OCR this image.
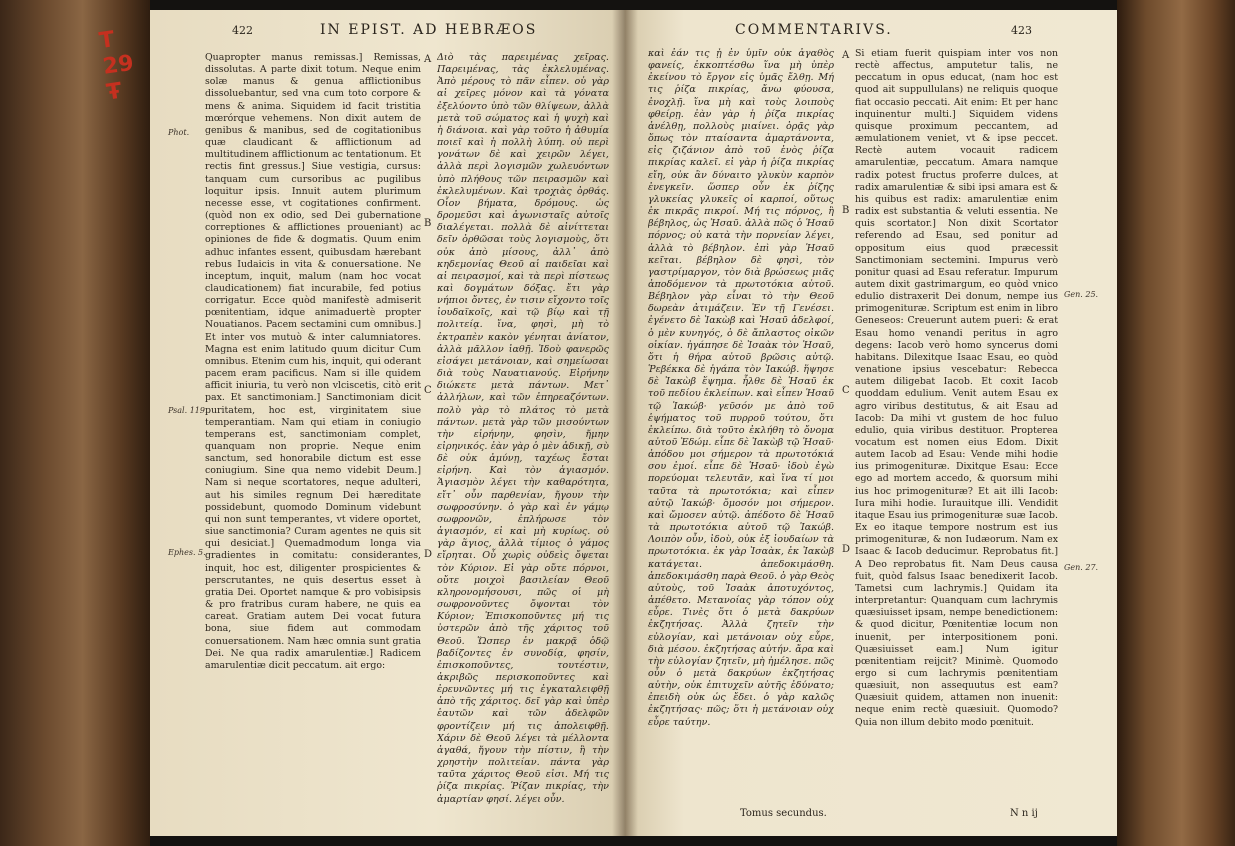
T
29
Ŧ
422	IN EPIST. AD HEBRÆOS

Quapropter manus remissas.] Remissas, dissolutas. A parte dixit totum. Neque enim solæ manus & genua afflictionibus dissoluebantur, sed vna cum toto corpore & mens & anima. Siquidem id facit tristitia mœrórque vehemens. Non dixit autem de genibus & manibus, sed de cogitationibus quæ claudicant & afflictionum ad multitudinem afflictionum ac tentationum. Et rectis fint gressus.] Siue vestigia, cursus: tanquam cum cursoribus ac pugilibus loquitur ipsis. Innuit autem plurimum necesse esse, vt cogitationes confirment. (quòd non ex odio, sed Dei gubernatione correptiones & afflictiones proueniant) ac opiniones de fide & dogmatis. Quum enim adhuc infantes essent, quibusdam hærebant rebus Iudaicis in vita & conuersatione. Ne inceptum, inquit, malum (nam hoc vocat claudicationem) fiat incurabile, fed potius corrigatur. Ecce quòd manifestè admiserit pœnitentiam, idque animaduertè propter Nouatianos. Pacem sectamini cum omnibus.] Et inter vos mutuò & inter calumniatores. Magna est enim latitudo quum dicitur Cum omnibus. Etenim cum his, inquit, qui oderant pacem eram pacificus. Nam si ille quidem afficit iniuria, tu verò non vlciscetis, citò erit pax. Et sanctimoniam.] Sanctimoniam dicit puritatem, hoc est, virginitatem siue temperantiam. Nam qui etiam in coniugio temperans est, sanctimoniam complet, quanquam non proprie. Neque enim sanctum, sed honorabile dictum est esse coniugium. Sine qua nemo videbit Deum.] Nam si neque scortatores, neque adulteri, aut his similes regnum Dei hæreditate possidebunt, quomodo Dominum videbunt qui non sunt temperantes, vt videre oportet, siue sanctimonia? Curam agentes ne quis sit qui desiciat.] Quemadmodum longa via gradientes in comitatu: considerantes, inquit, hoc est, diligenter prospicientes & perscrutantes, ne quis desertus esset à gratia Dei. Oportet namque & pro vobisipsis & pro fratribus curam habere, ne quis ea careat. Gratiam autem Dei vocat futura bona, siue fidem aut commodam conuersationem. Nam hæc omnia sunt gratia Dei. Ne qua radix amarulentiæ.] Radicem amarulentiæ dicit peccatum. ait ergo:

Διὸ τὰς παρειμένας χεῖρας. Παρειμένας, τὰς ἐκλελυμένας. Ἀπὸ μέρους τὸ πᾶν εἶπεν. οὐ γὰρ αἱ χεῖρες μόνον καὶ τὰ γόνατα ἐξελύοντο ὑπὸ τῶν θλίψεων, ἀλλὰ μετὰ τοῦ σώματος καὶ ἡ ψυχὴ καὶ ἡ διάνοια. καὶ γὰρ τοῦτο ἡ ἀθυμία ποιεῖ καὶ ἡ πολλὴ λύπη. οὐ περὶ γονάτων δὲ καὶ χειρῶν λέγει, ἀλλὰ περὶ λογισμῶν χωλευόντων ὑπὸ πλήθους τῶν πειρασμῶν καὶ ἐκλελυμένων. Καὶ τροχιὰς ὀρθάς. Οἷον βήματα, δρόμους. ὡς δρομεῦσι καὶ ἀγωνισταῖς αὐτοῖς διαλέγεται. πολλὰ δὲ αἰνίττεται δεῖν ὀρθῶσαι τοὺς λογισμοὺς, ὅτι οὐκ ἀπὸ μίσους, ἀλλ᾽ ἀπὸ κηδεμονίας Θεοῦ αἱ παιδεῖαι καὶ αἱ πειρασμοί, καὶ τὰ περὶ πίστεως καὶ δογμάτων δόξας. ἔτι γὰρ νήπιοι ὄντες, ἐν τισιν εἴχοντο τοῖς ἰουδαϊκοῖς, καὶ τῷ βίῳ καὶ τῇ πολιτείᾳ. ἵνα, φησὶ, μὴ τὸ ἐκτραπὲν κακὸν γένηται ἀνίατον, ἀλλὰ μᾶλλον ἰαθῇ. Ἰδοὺ φανερῶς εἰσάγει μετάνοιαν, καὶ σημείωσαι διὰ τοὺς Ναυατιανούς. Εἰρήνην διώκετε μετὰ πάντων. Μετ᾽ ἀλλήλων, καὶ τῶν ἐπηρεαζόντων. πολὺ γὰρ τὸ πλάτος τὸ μετὰ πάντων. μετὰ γὰρ τῶν μισούντων τὴν εἰρήνην, φησὶν, ἤμην εἰρηνικός. ἐὰν γὰρ ὁ μὲν ἀδικῇ, σὺ δὲ οὐκ ἀμύνῃ, ταχέως ἔσται εἰρήνη. Καὶ τὸν ἁγιασμόν. Ἁγιασμὸν λέγει τὴν καθαρότητα, εἴτ᾽ οὖν παρθενίαν, ἤγουν τὴν σωφροσύνην. ὁ γὰρ καὶ ἐν γάμῳ σωφρονῶν, ἐπλήρωσε τὸν ἁγιασμόν, εἰ καὶ μὴ κυρίως. οὐ γὰρ ἅγιος, ἀλλὰ τίμιος ὁ γάμος εἴρηται. Οὗ χωρὶς οὐδεὶς ὄψεται τὸν Κύριον. Εἰ γὰρ οὔτε πόρνοι, οὔτε μοιχοὶ βασιλείαν Θεοῦ κληρονομήσουσι, πῶς οἱ μὴ σωφρονοῦντες ὄψονται τὸν Κύριον; Ἐπισκοποῦντες μή τις ὑστερῶν ἀπὸ τῆς χάριτος τοῦ Θεοῦ. Ὥσπερ ἐν μακρᾷ ὁδῷ βαδίζοντες ἐν συνοδίᾳ, φησίν, ἐπισκοποῦντες, τουτέστιν, ἀκριβῶς περισκοποῦντες καὶ ἐρευνῶντες μή τις ἐγκαταλειφθῇ ἀπὸ τῆς χάριτος. δεῖ γὰρ καὶ ὑπὲρ ἑαυτῶν καὶ τῶν ἀδελφῶν φροντίζειν μή τις ἀπολειφθῇ. Χάριν δὲ Θεοῦ λέγει τὰ μέλλοντα ἀγαθά, ἤγουν τὴν πίστιν, ἢ τὴν χρηστὴν πολιτείαν. πάντα γὰρ ταῦτα χάριτος Θεοῦ εἰσι. Μή τις ῥίζα πικρίας. Ῥίζαν πικρίας, τὴν ἁμαρτίαν φησί. λέγει οὖν.

Phot.
Psal. 119.
Ephes. 5.
A
B
C
D
COMMENTARIVS.	423

καὶ ἐάν τις ᾖ ἐν ὑμῖν οὐκ ἀγαθὸς φανείς, ἐκκοπτέσθω ἵνα μὴ ὑπὲρ ἐκείνου τὸ ἔργον εἰς ὑμᾶς ἔλθῃ. Μή τις ῥίζα πικρίας, ἄνω φύουσα, ἐνοχλῇ. ἵνα μὴ καὶ τοὺς λοιποὺς φθείρῃ. ἐὰν γὰρ ἡ ῥίζα πικρίας ἀνέλθῃ, πολλοὺς μιαίνει. ὁρᾷς γὰρ ὅπως τὸν πταίσαντα ἁμαρτάνοντα, εἰς ζιζάνιον ἀπὸ τοῦ ἑνὸς ῥίζα πικρίας καλεῖ. εἰ γὰρ ἡ ῥίζα πικρίας εἴη, οὐκ ἂν δύναιτο γλυκὺν καρπὸν ἐνεγκεῖν. ὥσπερ οὖν ἐκ ῥίζης γλυκείας γλυκεῖς οἱ καρποί, οὕτως ἐκ πικρᾶς πικροί. Μή τις πόρνος, ἢ βέβηλος, ὡς Ἡσαῦ. ἀλλὰ πῶς ὁ Ἡσαῦ πόρνος; οὐ κατὰ τὴν πορνείαν λέγει, ἀλλὰ τὸ βέβηλον. ἐπὶ γὰρ Ἡσαῦ κεῖται. βέβηλον δὲ φησὶ, τὸν γαστρίμαργον, τὸν διὰ βρώσεως μιᾶς ἀποδόμενον τὰ πρωτοτόκια αὐτοῦ. Βέβηλον γὰρ εἶναι τὸ τὴν Θεοῦ δωρεὰν ἀτιμάζειν. Ἐν τῇ Γενέσει. ἐγένετο δὲ Ἰακὼβ καὶ Ἡσαῦ ἀδελφοί, ὁ μὲν κυνηγός, ὁ δὲ ἄπλαστος οἰκῶν οἰκίαν. ἠγάπησε δὲ Ἰσαὰκ τὸν Ἡσαῦ, ὅτι ἡ θήρα αὐτοῦ βρῶσις αὐτῷ. Ῥεβέκκα δὲ ἠγάπα τὸν Ἰακώβ. ἥψησε δὲ Ἰακὼβ ἕψημα. ἦλθε δὲ Ἡσαῦ ἐκ τοῦ πεδίου ἐκλείπων. καὶ εἶπεν Ἡσαῦ τῷ Ἰακώβ· γεῦσόν με ἀπὸ τοῦ ἑψήματος τοῦ πυρροῦ τούτου, ὅτι ἐκλείπω. διὰ τοῦτο ἐκλήθη τὸ ὄνομα αὐτοῦ Ἐδώμ. εἶπε δὲ Ἰακὼβ τῷ Ἡσαῦ· ἀπόδου μοι σήμερον τὰ πρωτοτόκιά σου ἐμοί. εἶπε δὲ Ἡσαῦ· ἰδοὺ ἐγὼ πορεύομαι τελευτᾶν, καὶ ἵνα τί μοι ταῦτα τὰ πρωτοτόκια; καὶ εἶπεν αὐτῷ Ἰακώβ· ὄμοσόν μοι σήμερον. καὶ ὤμοσεν αὐτῷ. ἀπέδοτο δὲ Ἡσαῦ τὰ πρωτοτόκια αὐτοῦ τῷ Ἰακώβ. Λοιπὸν οὖν, ἰδοὺ, οὐκ ἐξ ἰουδαίων τὰ πρωτοτόκια. ἐκ γὰρ Ἰσαὰκ, ἐκ Ἰακὼβ κατάγεται. ἀπεδοκιμάσθη. ἀπεδοκιμάσθη παρὰ Θεοῦ. ὁ γὰρ Θεὸς αὐτοὺς, τοῦ Ἰσαὰκ ἀποτυχόντος, ἀπέθετο. Μετανοίας γὰρ τόπον οὐχ εὗρε. Τινὲς ὅτι ὁ μετὰ δακρύων ἐκζητήσας. Ἀλλὰ ζητεῖν τὴν εὐλογίαν, καὶ μετάνοιαν οὐχ εὗρε, διὰ μέσου. ἐκζητήσας αὐτήν. ἄρα καὶ τὴν εὐλογίαν ζητεῖν, μὴ ἠμέλησε. πῶς οὖν ὁ μετὰ δακρύων ἐκζητήσας αὐτὴν, οὐκ ἐπιτυχεῖν αὐτῆς ἐδύνατο; ἐπειδὴ οὐκ ὡς ἔδει. ὁ γὰρ καλῶς ἐκζητήσας· πῶς; ὅτι ἡ μετάνοιαν οὐχ εὗρε ταύτην.

Si etiam fuerit quispiam inter vos non rectè affectus, amputetur talis, ne peccatum in opus educat, (nam hoc est quod ait suppullulans) ne reliquis quoque fiat occasio peccati. Ait enim: Et per hanc inquinentur multi.] Siquidem videns quisque proximum peccantem, ad æmulationem veniet, vt & ipse peccet. Rectè autem vocauit radicem amarulentiæ, peccatum. Amara namque radix potest fructus proferre dulces, at radix amarulentiæ & sibi ipsi amara est & his quibus est radix: amarulentiæ enim radix est substantia & veluti essentia. Ne quis scortator.] Non dixit Scortator referendo ad Esau, sed ponitur ad oppositum eius quod præcessit Sanctimoniam sectemini. Impurus verò ponitur quasi ad Esau referatur. Impurum autem dixit gastrimargum, eo quòd vnico edulio distraxerit Dei donum, nempe ius primogenituræ. Scriptum est enim in libro Geneseos: Creuerunt autem pueri: & erat Esau homo venandi peritus in agro degens: Iacob verò homo syncerus domi habitans. Dilexitque Isaac Esau, eo quòd venatione ipsius vescebatur: Rebecca autem diligebat Iacob. Et coxit Iacob quoddam edulium. Venit autem Esau ex agro viribus destitutus, & ait Esau ad Iacob: Da mihi vt gustem de hoc fuluo edulio, quia viribus destituor. Propterea vocatum est nomen eius Edom. Dixit autem Iacob ad Esau: Vende mihi hodie ius primogenituræ. Dixitque Esau: Ecce ego ad mortem accedo, & quorsum mihi ius hoc primogenituræ? Et ait illi Iacob: Iura mihi hodie. Iurauitque illi. Vendidit itaque Esau ius primogenituræ suæ Iacob. Ex eo itaque tempore nostrum est ius primogenituræ, & non Iudæorum. Nam ex Isaac & Iacob deducimur. Reprobatus fit.] A Deo reprobatus fit. Nam Deus causa fuit, quòd falsus Isaac benedixerit Iacob. Tametsi cum lachrymis.] Quidam ita interpretantur: Quanquam cum lachrymis quæsiuisset ipsam, nempe benedictionem: & quod dicitur, Pœnitentiæ locum non inuenit, per interpositionem poni. Quæsiuisset eam.] Num igitur pœnitentiam reijcit? Minimè. Quomodo ergo si cum lachrymis pœnitentiam quæsiuit, non assequutus est eam? Quæsiuit quidem, attamen non inuenit: neque enim rectè quæsiuit. Quomodo? Quia non illum debito modo pœnituit.

A
B
C
D
Gen. 25.
Gen. 27.
Tomus secundus.	N n ij
